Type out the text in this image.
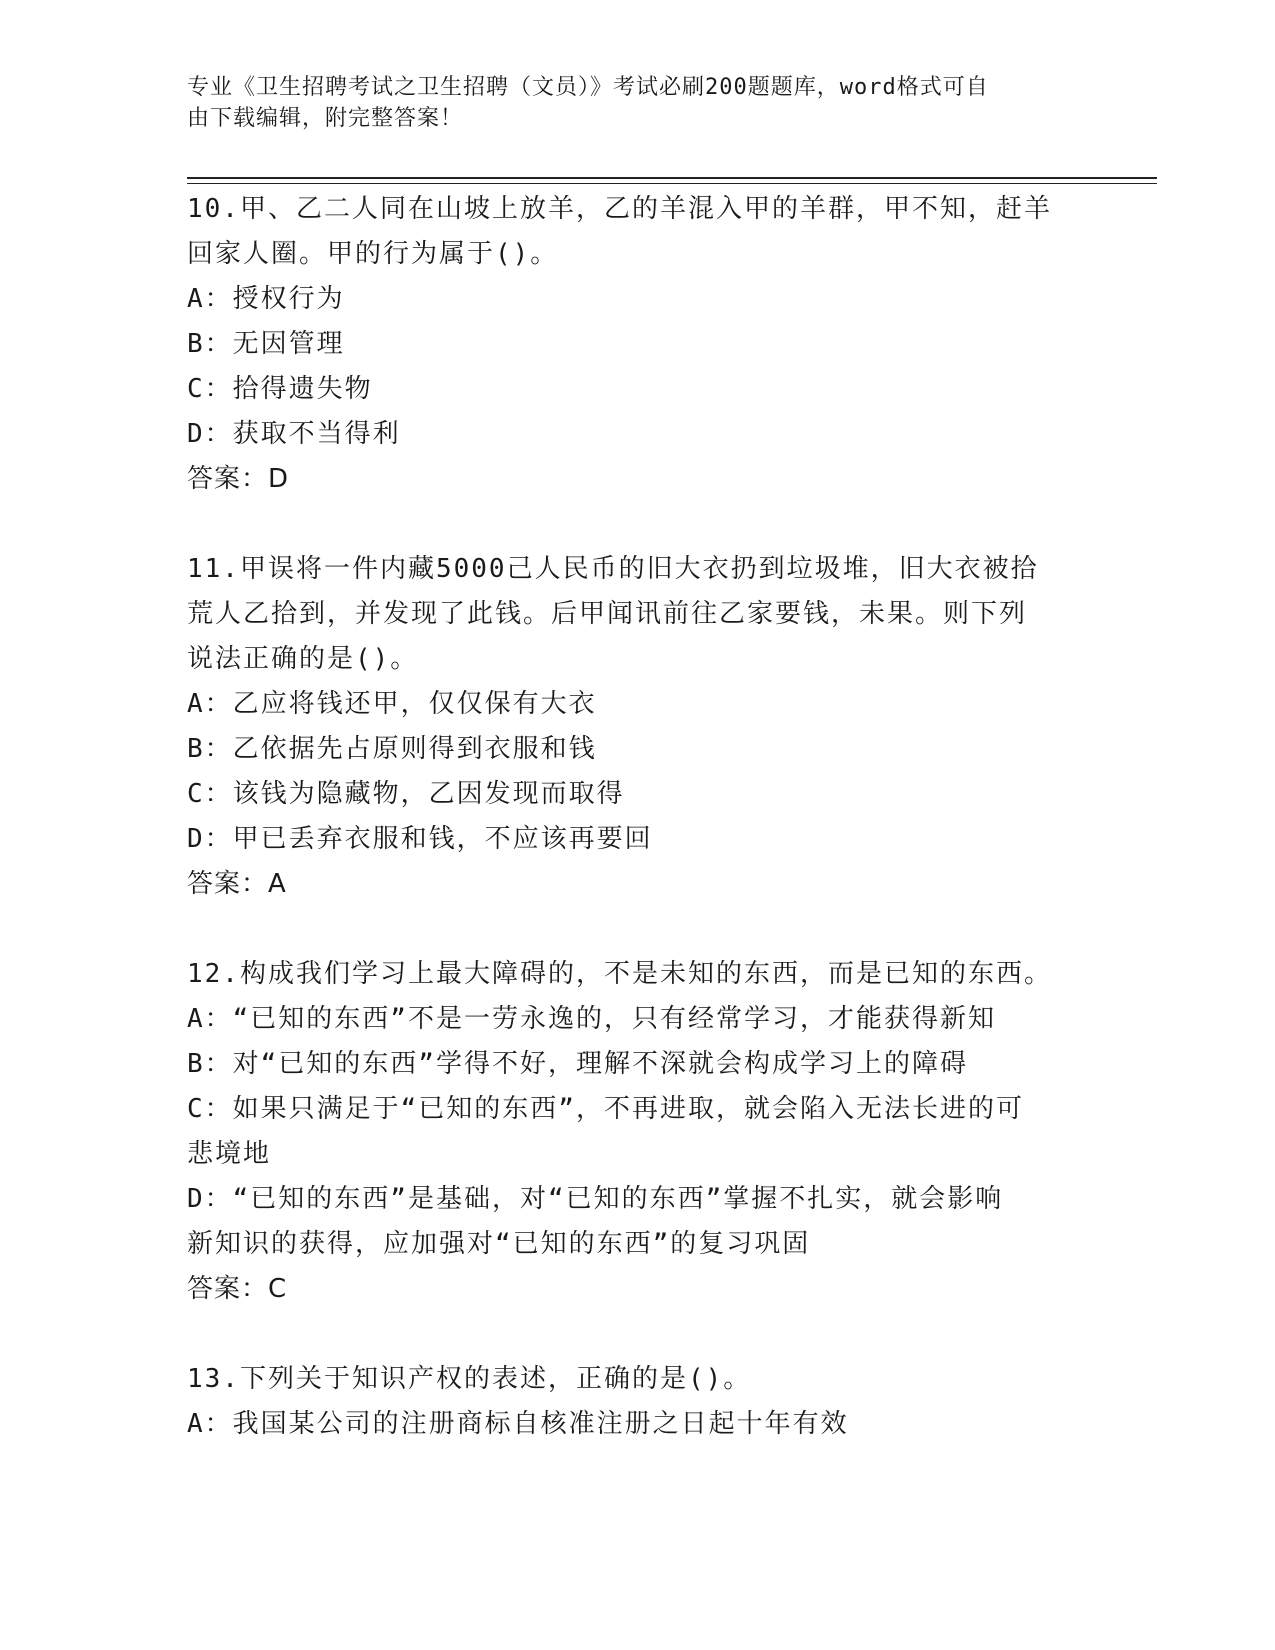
专业《卫生招聘考试之卫生招聘（文员）》考试必刷200题题库，word格式可自
由下载编辑，附完整答案！
10.甲、乙二人同在山坡上放羊，乙的羊混入甲的羊群，甲不知，赶羊
回家人圈。甲的行为属于()。
A：授权行为
B：无因管理
C：拾得遗失物
D：获取不当得利
答案：D
11.甲误将一件内藏5000己人民币的旧大衣扔到垃圾堆，旧大衣被拾
荒人乙拾到，并发现了此钱。后甲闻讯前往乙家要钱，未果。则下列
说法正确的是()。
A：乙应将钱还甲，仅仅保有大衣
B：乙依据先占原则得到衣服和钱
C：该钱为隐藏物，乙因发现而取得
D：甲已丢弃衣服和钱，不应该再要回
答案：A
12.构成我们学习上最大障碍的，不是未知的东西，而是已知的东西。
A：“已知的东西”不是一劳永逸的，只有经常学习，才能获得新知
B：对“已知的东西”学得不好，理解不深就会构成学习上的障碍
C：如果只满足于“已知的东西”，不再进取，就会陷入无法长进的可
悲境地
D：“已知的东西”是基础，对“已知的东西”掌握不扎实，就会影响
新知识的获得，应加强对“已知的东西”的复习巩固
答案：C
13.下列关于知识产权的表述，正确的是()。
A：我国某公司的注册商标自核准注册之日起十年有效
